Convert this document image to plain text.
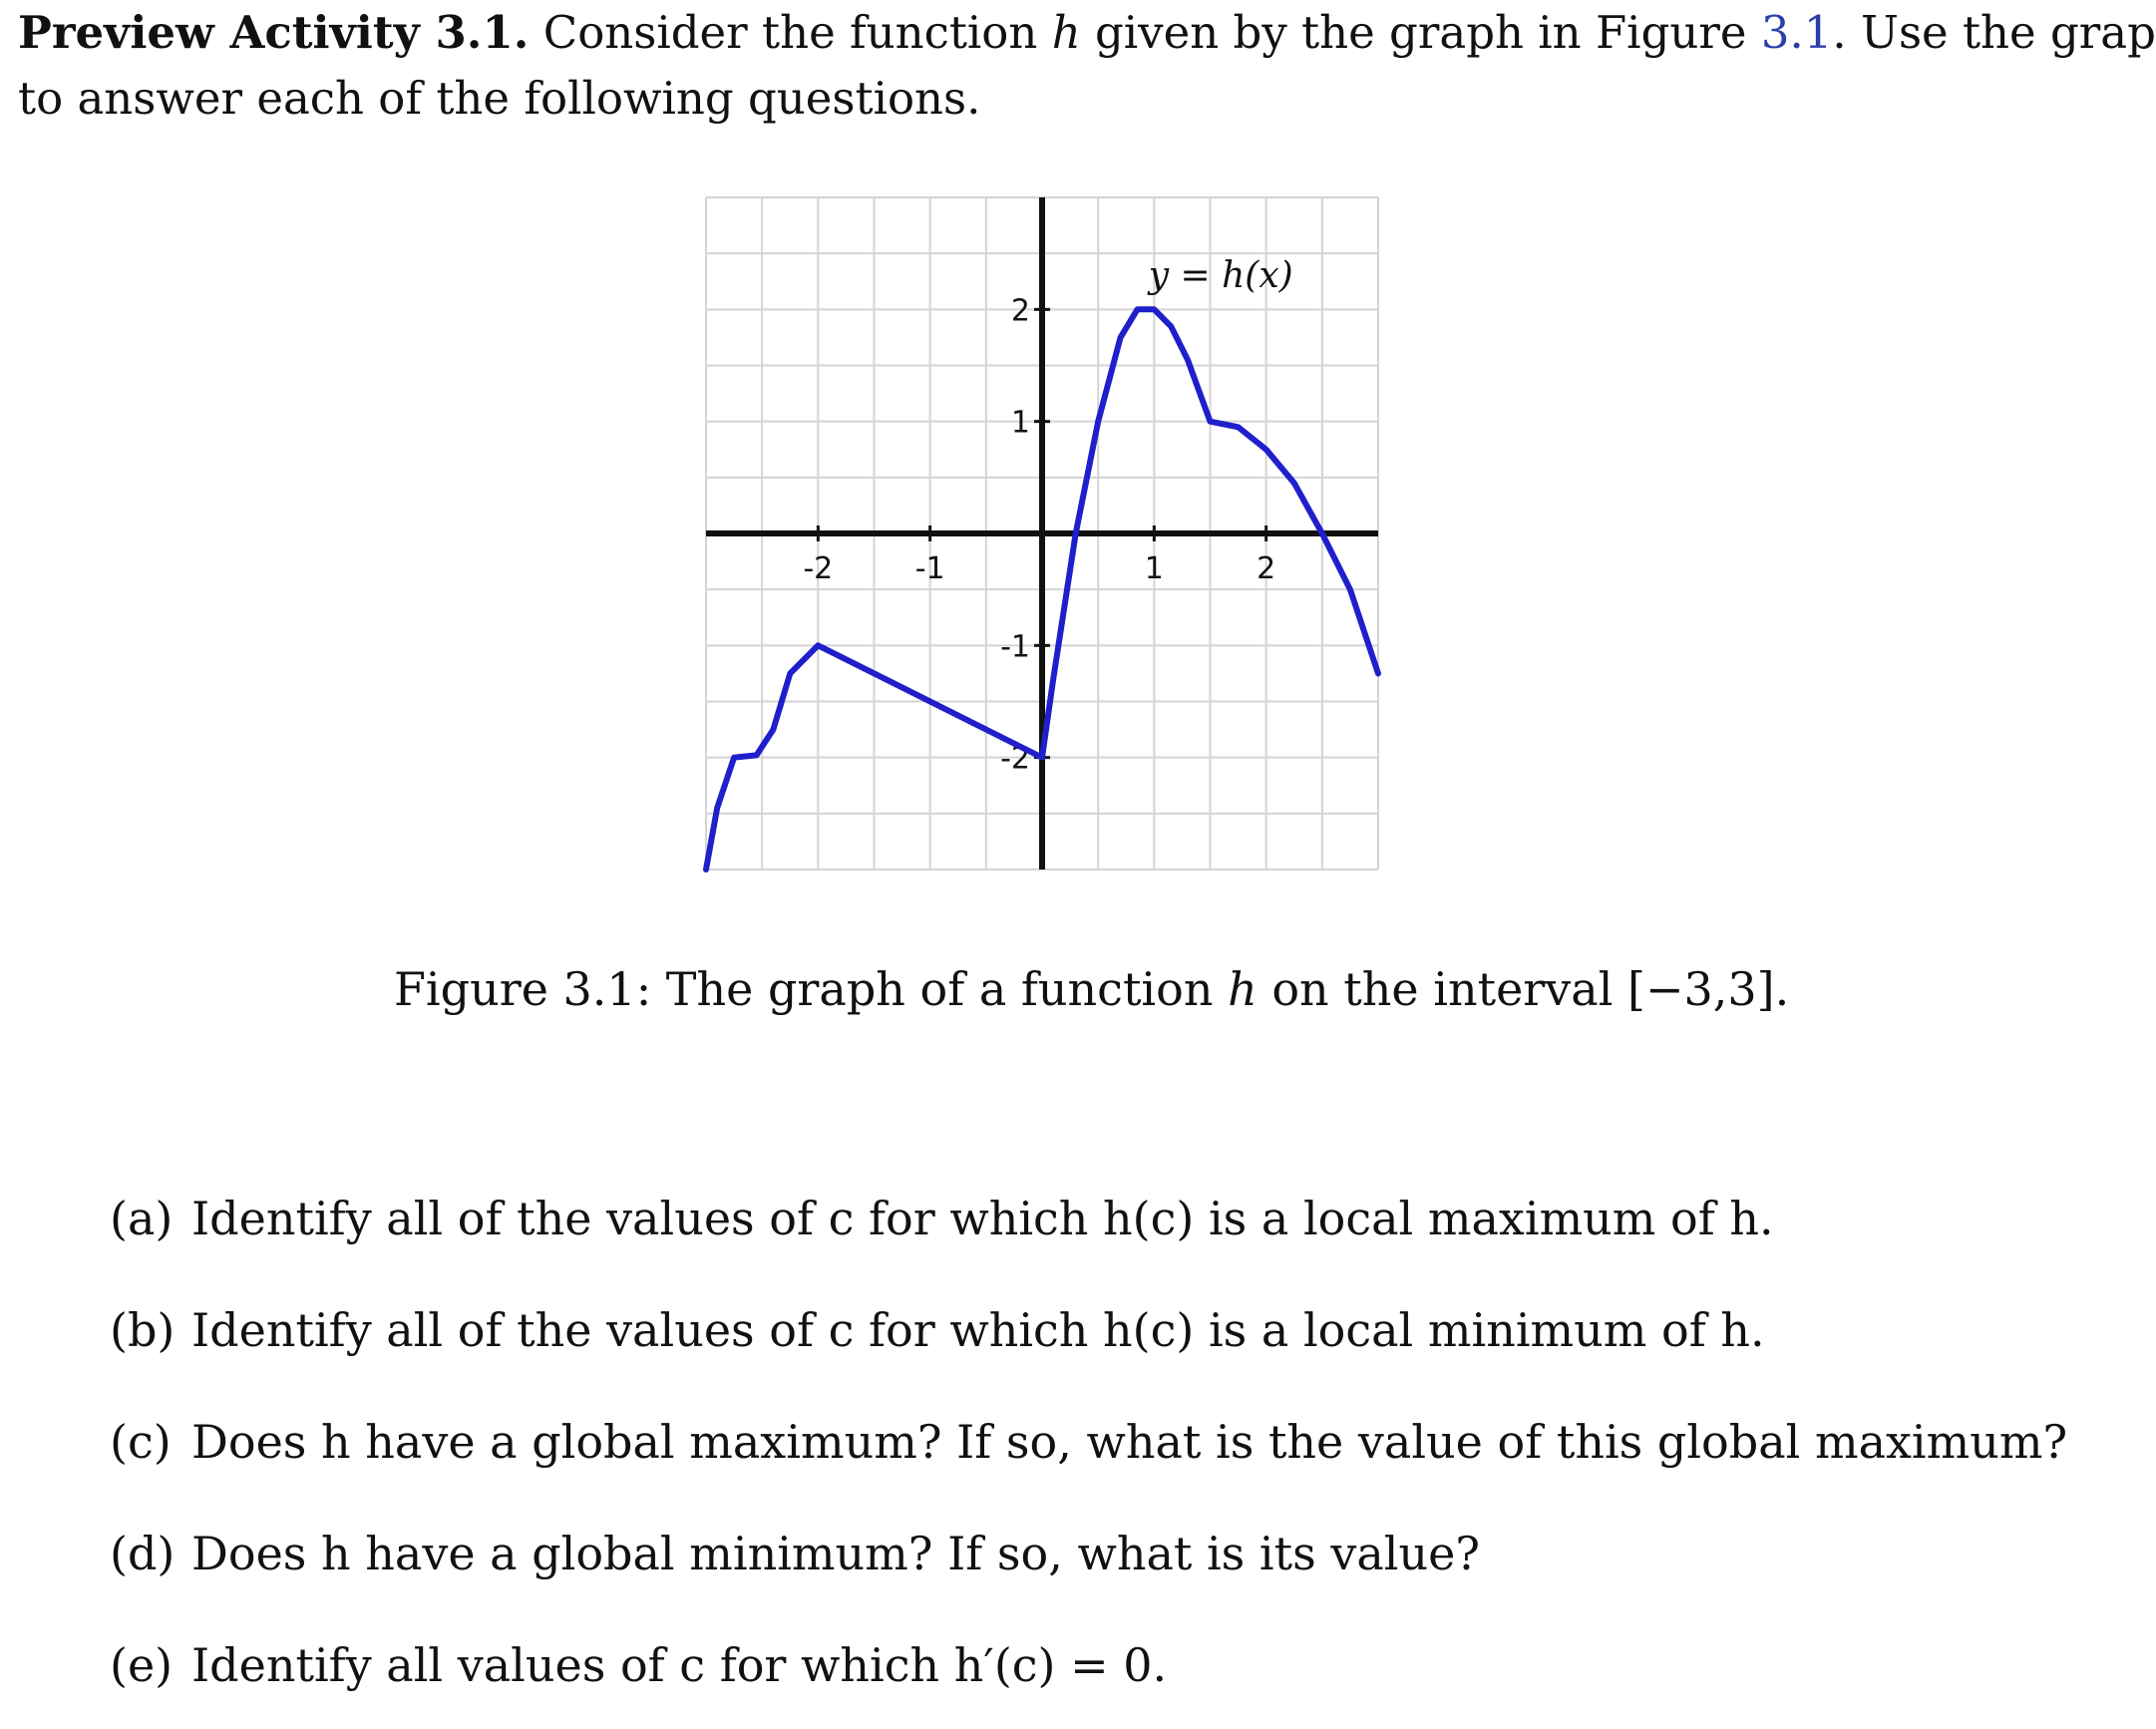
Preview Activity 3.1. Consider the function h given by the graph in Figure 3.1. Use the grap
to answer each of the following questions.
-2	-1	1	2
2
1
-1
-2
y = h(x)
Figure 3.1: The graph of a function h on the interval [−3,3].
(a) Identify all of the values of c for which h(c) is a local maximum of h.
(b) Identify all of the values of c for which h(c) is a local minimum of h.
(c) Does h have a global maximum? If so, what is the value of this global maximum?
(d) Does h have a global minimum? If so, what is its value?
(e) Identify all values of c for which h′(c) = 0.
